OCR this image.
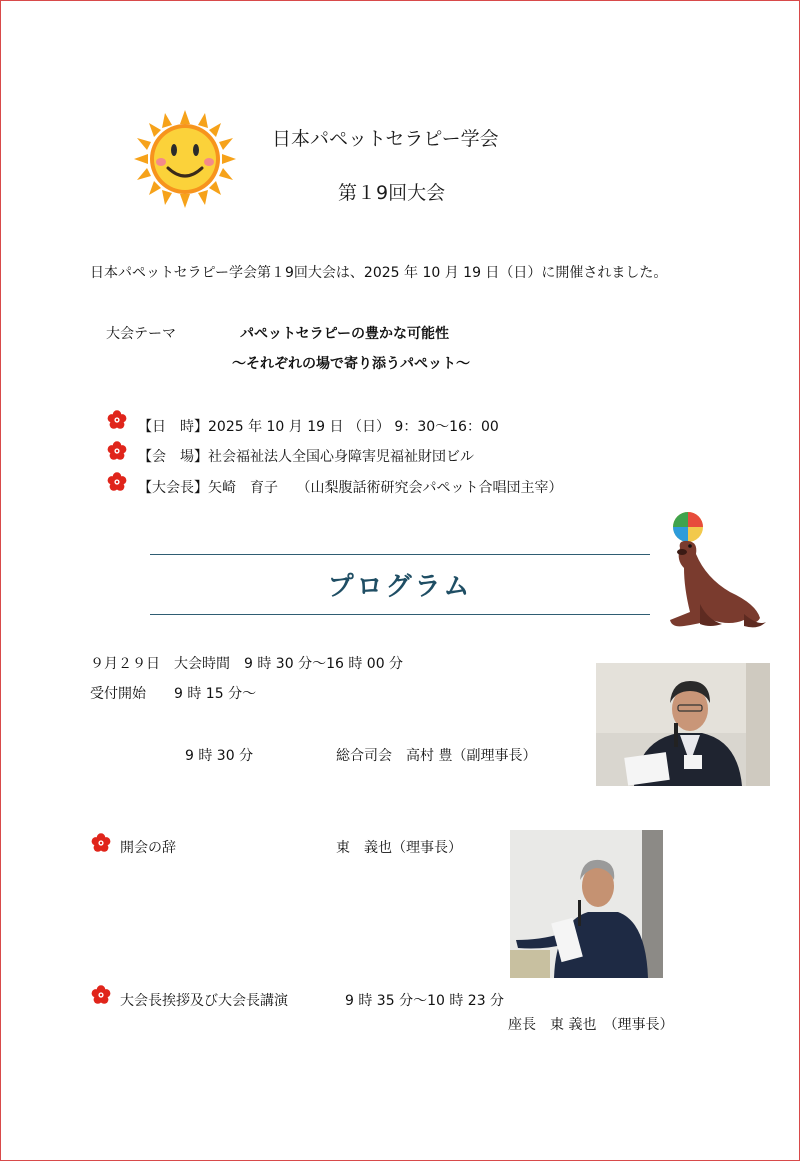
日本パペットセラピー学会
第１9回大会
日本パペットセラピー学会第１9回大会は、2025 年 10 月 19 日（日）に開催されました。
大会テーマ	パペットセラピーの豊かな可能性
～それぞれの場で寄り添うパペット～
【日　時】2025 年 10 月 19 日 （日） 9：30～16：00
【会　場】社会福祉法人全国心身障害児福祉財団ビル
【大会長】矢崎　育子　 （山梨腹話術研究会パペット合唱団主宰）
プログラム
９月２９日　大会時間　9 時 30 分～16 時 00 分
受付開始　　9 時 15 分～
9 時 30 分	総合司会　高村 豊（副理事長）
開会の辞	東　義也（理事長）
大会長挨拶及び大会長講演	9 時 35 分～10 時 23 分
座長　東 義也　（理事長）
